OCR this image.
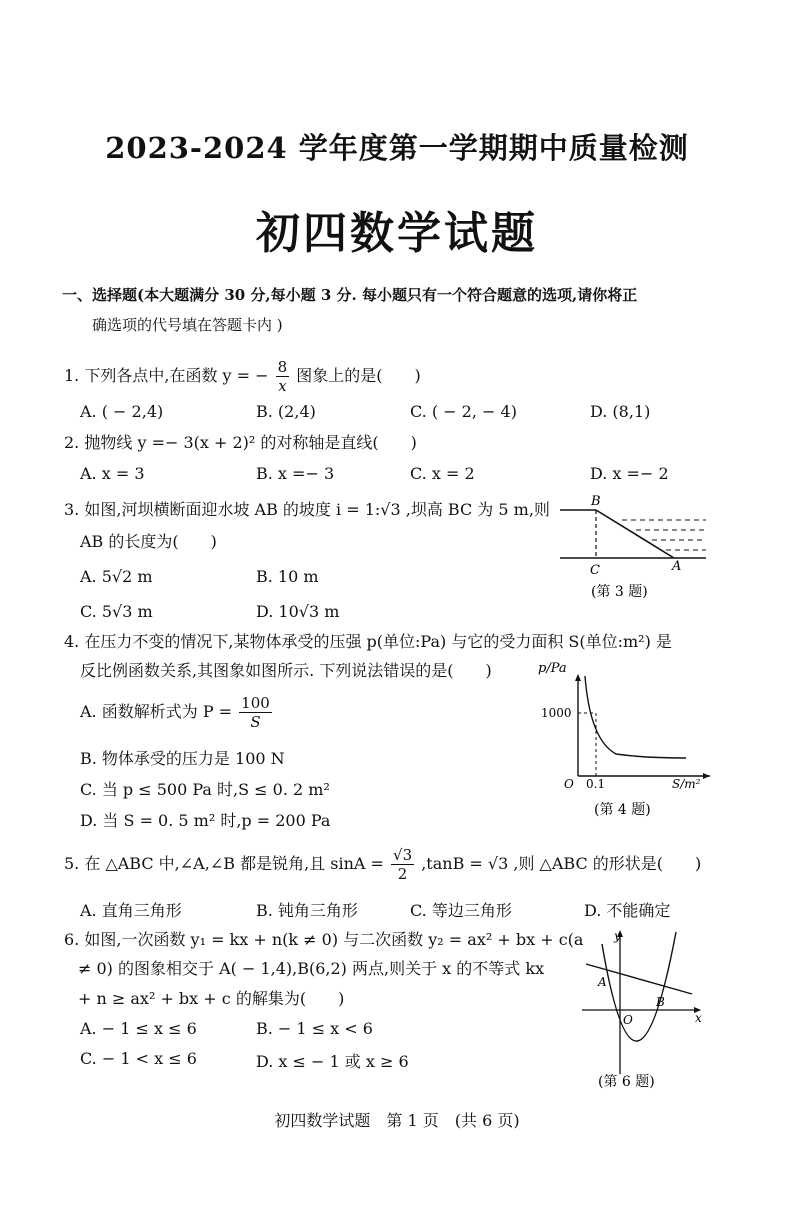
2023-2024 学年度第一学期期中质量检测
初四数学试题
一、选择题(本大题满分 30 分,每小题 3 分. 每小题只有一个符合题意的选项,请你将正
确选项的代号填在答题卡内 )
1. 下列各点中,在函数 y = − $\frac{8}{x}$ 图象上的是(　　)
A. ( − 2,4)	B. (2,4)	C. ( − 2, − 4)	D. (8,1)
2. 抛物线 y =− 3(x + 2)² 的对称轴是直线(　　)
A. x = 3	B. x =− 3	C. x = 2	D. x =− 2
3. 如图,河坝横断面迎水坡 AB 的坡度 i = 1:√3 ,坝高 BC 为 5 m,则
AB 的长度为(　　)
A. 5√2 m	B. 10 m
C. 5√3 m	D. 10√3 m
B
C	A
(第 3 题)
4. 在压力不变的情况下,某物体承受的压强 p(单位:Pa) 与它的受力面积 S(单位:m²) 是
反比例函数关系,其图象如图所示. 下列说法错误的是(　　)
A. 函数解析式为 $P = \frac{100}{S}$
B. 物体承受的压力是 100 N
C. 当 p ≤ 500 Pa 时,S ≤ 0. 2 m²
D. 当 S = 0. 5 m² 时,p = 200 Pa
p/Pa
1000
0.1
O	S/m²
(第 4 题)
5. 在 △ABC 中,∠A,∠B 都是锐角,且 $\sin A = \frac{√3}{2} ,\tan B = √3$ ,则 △ABC 的形状是(　　)
A. 直角三角形	B. 钝角三角形	C. 等边三角形	D. 不能确定
6. 如图,一次函数 y₁ = kx + n(k ≠ 0) 与二次函数 y₂ = ax² + bx + c(a
≠ 0) 的图象相交于 A( − 1,4),B(6,2) 两点,则关于 x 的不等式 kx
+ n ≥ ax² + bx + c 的解集为(　　)
A. − 1 ≤ x ≤ 6	B. − 1 ≤ x < 6
C. − 1 < x ≤ 6	D. x ≤ − 1 或 x ≥ 6
y
x
A
B
O
(第 6 题)
初四数学试题　第 1 页　(共 6 页)
